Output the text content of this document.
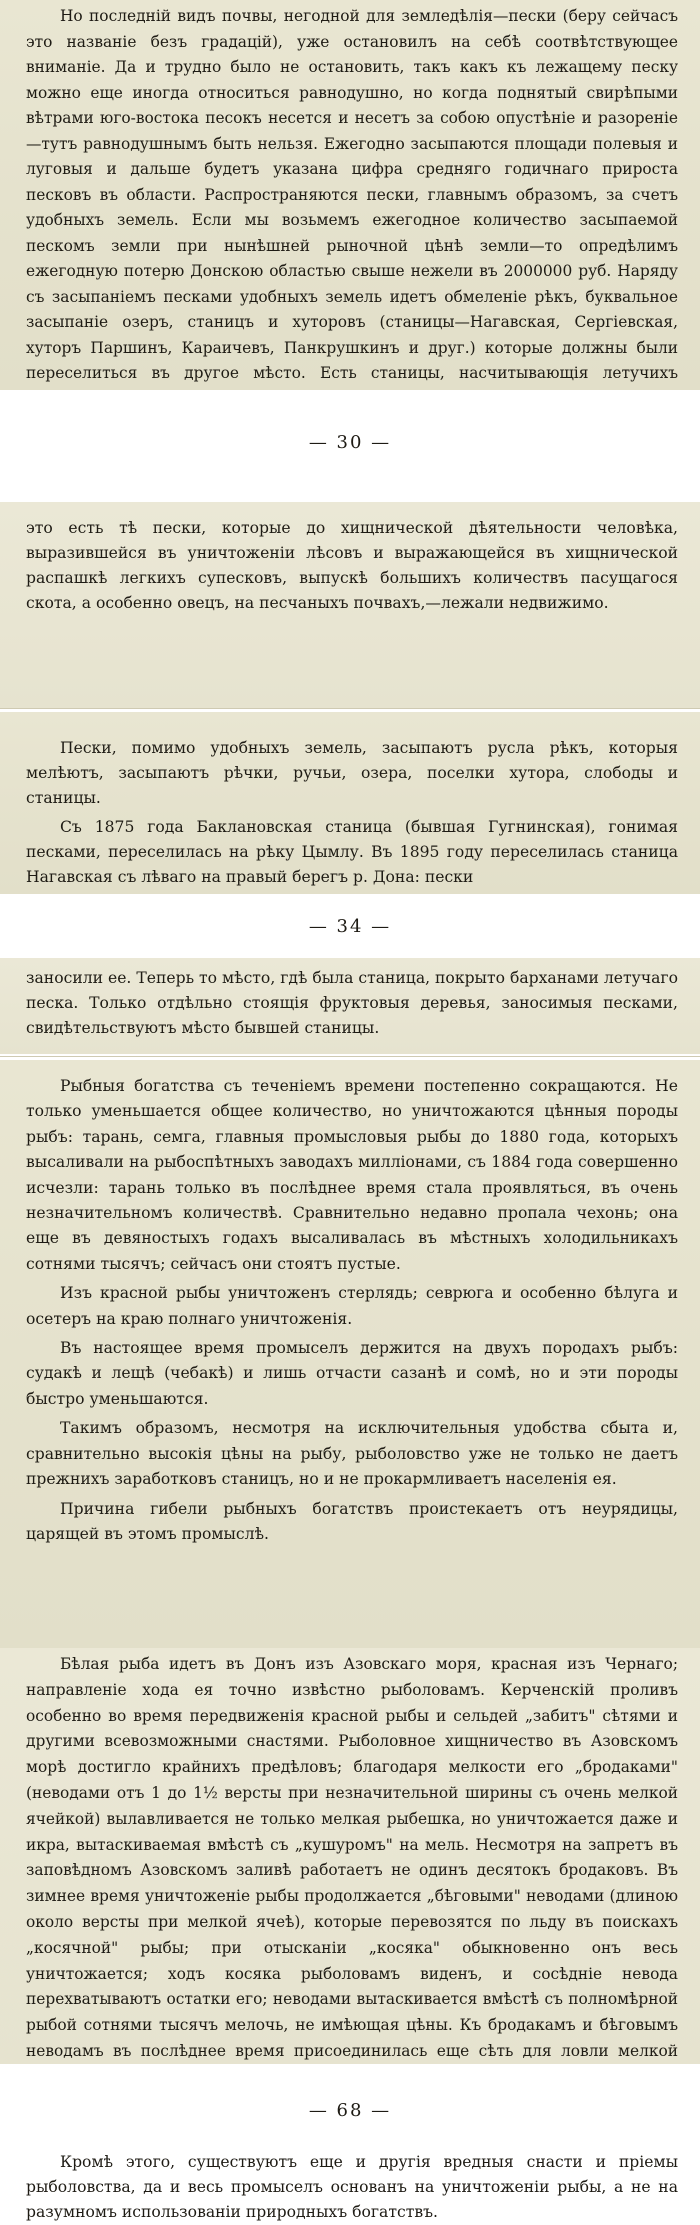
Но последній видъ почвы, негодной для земледѣлія—пески (беру сейчасъ это названіе безъ градацій), уже остановилъ на себѣ соотвѣтствующее вниманіе. Да и трудно было не остановить, такъ какъ къ лежащему песку можно еще иногда относиться равнодушно, но когда поднятый свирѣпыми вѣтрами юго-востока песокъ несется и несетъ за собою опустѣніе и разореніе—тутъ равнодушнымъ быть нельзя. Ежегодно засыпаются площади полевыя и луговыя и дальше будетъ указана цифра средняго годичнаго прироста песковъ въ области. Распространяются пески, главнымъ образомъ, за счетъ удобныхъ земель. Если мы возьмемъ ежегодное количество засыпаемой пескомъ земли при нынѣшней рыночной цѣнѣ земли—то опредѣлимъ ежегодную потерю Донскою областью свыше нежели въ 2000000 руб. Наряду съ засыпаніемъ песками удобныхъ земель идетъ обмеленіе рѣкъ, буквальное засыпаніе озеръ, станицъ и хуторовъ (станицы—Нагавская, Сергіевская, хуторъ Паршинъ, Караичевъ, Панкрушкинъ и друг.) которые должны были переселиться въ другое мѣсто. Есть станицы, насчитывающія летучихъ

— 30 —

это есть тѣ пески, которые до хищнической дѣятельности человѣка, выразившейся въ уничтоженіи лѣсовъ и выражающейся въ хищнической распашкѣ легкихъ супесковъ, выпускѣ большихъ количествъ пасущагося скота, а особенно овецъ, на песчаныхъ почвахъ,—лежали недвижимо.

Пески, помимо удобныхъ земель, засыпаютъ русла рѣкъ, которыя мелѣютъ, засыпаютъ рѣчки, ручьи, озера, поселки хутора, слободы и станицы.

Съ 1875 года Баклановская станица (бывшая Гугнинская), гонимая песками, переселилась на рѣку Цымлу. Въ 1895 году переселилась станица Нагавская съ лѣваго на правый берегъ р. Дона: пески

— 34 —

заносили ее. Теперь то мѣсто, гдѣ была станица, покрыто барханами летучаго песка. Только отдѣльно стоящія фруктовыя деревья, заносимыя песками, свидѣтельствуютъ мѣсто бывшей станицы.

Рыбныя богатства съ теченіемъ времени постепенно сокращаются. Не только уменьшается общее количество, но уничтожаются цѣнныя породы рыбъ: тарань, семга, главныя промысловыя рыбы до 1880 года, которыхъ высаливали на рыбоспѣтныхъ заводахъ милліонами, съ 1884 года совершенно исчезли: тарань только въ послѣднее время стала проявляться, въ очень незначительномъ количествѣ. Сравнительно недавно пропала чехонь; она еще въ девяностыхъ годахъ высаливалась въ мѣстныхъ холодильникахъ сотнями тысячъ; сейчасъ они стоятъ пустые.

Изъ красной рыбы уничтоженъ стерлядь; севрюга и особенно бѣлуга и осетеръ на краю полнаго уничтоженія.

Въ настоящее время промыселъ держится на двухъ породахъ рыбъ: судакѣ и лещѣ (чебакѣ) и лишь отчасти сазанѣ и сомѣ, но и эти породы быстро уменьшаются.

Такимъ образомъ, несмотря на исключительныя удобства сбыта и, сравнительно высокія цѣны на рыбу, рыболовство уже не только не даетъ прежнихъ заработковъ станицъ, но и не прокармливаетъ населенія ея.

Причина гибели рыбныхъ богатствъ проистекаетъ отъ неурядицы, царящей въ этомъ промыслѣ.

Бѣлая рыба идетъ въ Донъ изъ Азовскаго моря, красная изъ Чернаго; направленіе хода ея точно извѣстно рыболовамъ. Керченскій проливъ особенно во время передвиженія красной рыбы и сельдей „забитъ" сѣтями и другими всевозможными снастями. Рыболовное хищничество въ Азовскомъ морѣ достигло крайнихъ предѣловъ; благодаря мелкости его „бродаками" (неводами отъ 1 до 1½ версты при незначительной ширины съ очень мелкой ячейкой) вылавливается не только мелкая рыбешка, но уничтожается даже и икра, вытаскиваемая вмѣстѣ съ „кушуромъ" на мель. Несмотря на запретъ въ заповѣдномъ Азовскомъ заливѣ работаетъ не одинъ десятокъ бродаковъ. Въ зимнее время уничтоженіе рыбы продолжается „бѣговыми" неводами (длиною около версты при мелкой ячеѣ), которые перевозятся по льду въ поискахъ „косячной" рыбы; при отысканіи „косяка" обыкновенно онъ весь уничтожается; ходъ косяка рыболовамъ виденъ, и сосѣдніе невода перехватываютъ остатки его; неводами вытаскивается вмѣстѣ съ полномѣрной рыбой сотнями тысячъ мелочь, не имѣющая цѣны. Къ бродакамъ и бѣговымъ неводамъ въ послѣднее время присоединилась еще сѣть для ловли мелкой

— 68 —

Кромѣ этого, существуютъ еще и другія вредныя снасти и пріемы рыболовства, да и весь промыселъ основанъ на уничтоженіи рыбы, а не на разумномъ использованіи природныхъ богатствъ.
